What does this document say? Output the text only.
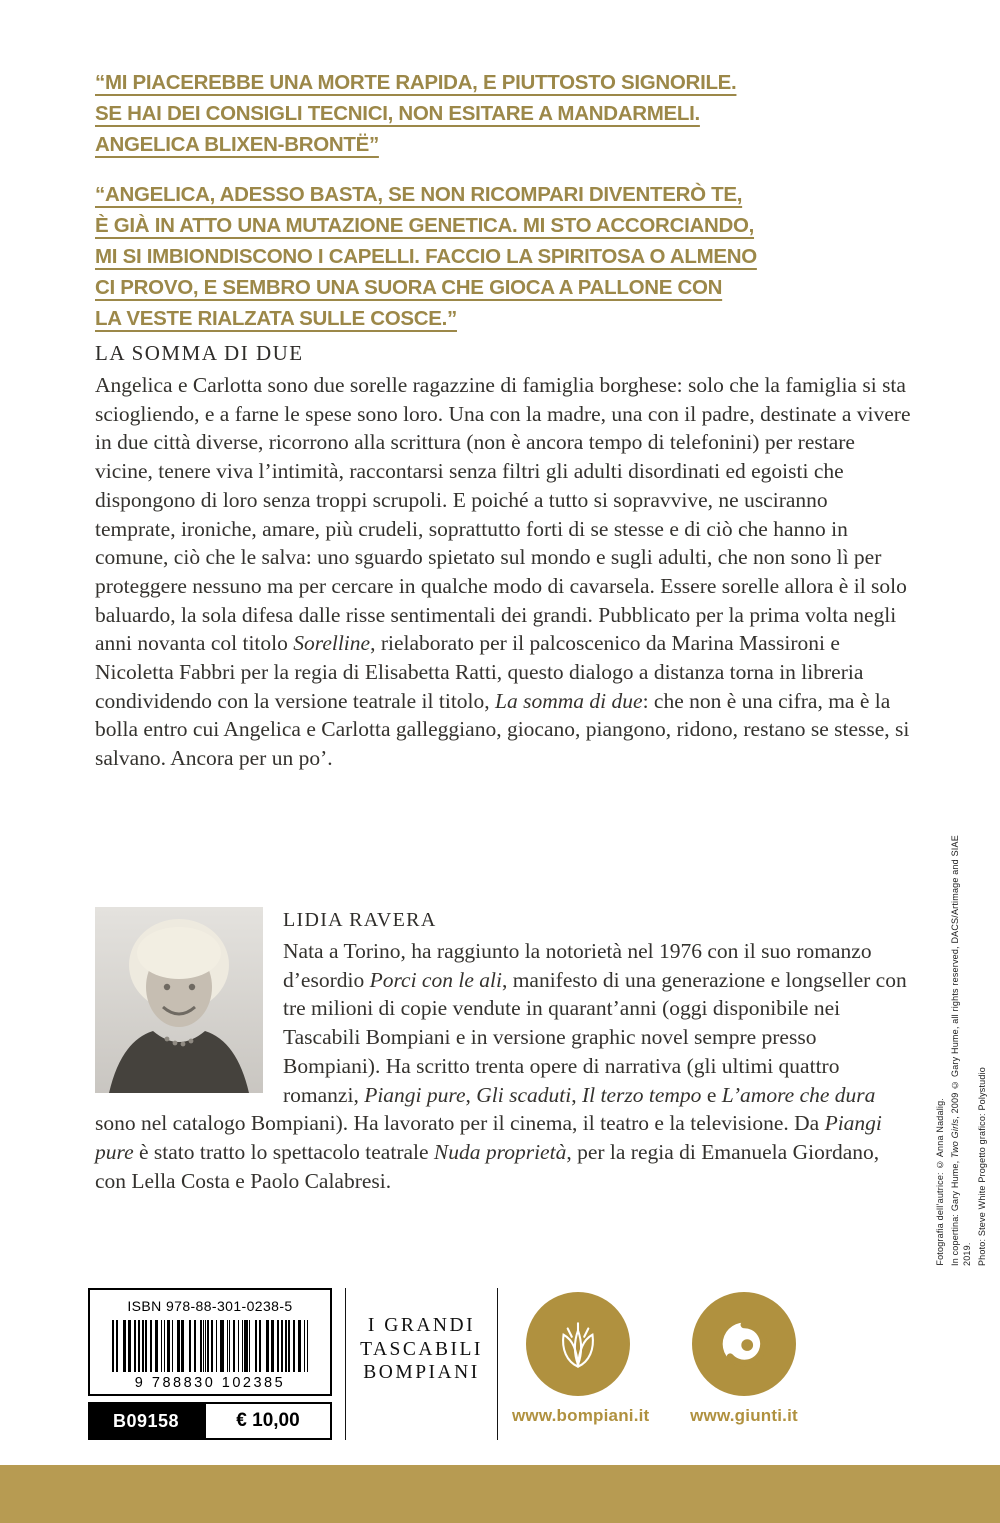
“MI PIACEREBBE UNA MORTE RAPIDA, E PIUTTOSTO SIGNORILE.
SE HAI DEI CONSIGLI TECNICI, NON ESITARE A MANDARMELI.
ANGELICA BLIXEN-BRONTË”
“ANGELICA, ADESSO BASTA, SE NON RICOMPARI DIVENTERÒ TE,
È GIÀ IN ATTO UNA MUTAZIONE GENETICA. MI STO ACCORCIANDO,
MI SI IMBIONDISCONO I CAPELLI. FACCIO LA SPIRITOSA O ALMENO
CI PROVO, E SEMBRO UNA SUORA CHE GIOCA A PALLONE CON
LA VESTE RIALZATA SULLE COSCE.”
LA SOMMA DI DUE
Angelica e Carlotta sono due sorelle ragazzine di famiglia borghese: solo che la famiglia si sta sciogliendo, e a farne le spese sono loro. Una con la madre, una con il padre, destinate a vivere in due città diverse, ricorrono alla scrittura (non è ancora tempo di telefonini) per restare vicine, tenere viva l’intimità, raccontarsi senza filtri gli adulti disordinati ed egoisti che dispongono di loro senza troppi scrupoli. E poiché a tutto si sopravvive, ne usciranno temprate, ironiche, amare, più crudeli, soprattutto forti di se stesse e di ciò che hanno in comune, ciò che le salva: uno sguardo spietato sul mondo e sugli adulti, che non sono lì per proteggere nessuno ma per cercare in qualche modo di cavarsela. Essere sorelle allora è il solo baluardo, la sola difesa dalle risse sentimentali dei grandi. Pubblicato per la prima volta negli anni novanta col titolo Sorelline, rielaborato per il palcoscenico da Marina Massironi e Nicoletta Fabbri per la regia di Elisabetta Ratti, questo dialogo a distanza torna in libreria condividendo con la versione teatrale il titolo, La somma di due: che non è una cifra, ma è la bolla entro cui Angelica e Carlotta galleggiano, giocano, piangono, ridono, restano se stesse, si salvano. Ancora per un po’.
LIDIA RAVERA
Nata a Torino, ha raggiunto la notorietà nel 1976 con il suo romanzo d’esordio Porci con le ali, manifesto di una generazione e longseller con tre milioni di copie vendute in quarant’anni (oggi disponibile nei Tascabili Bompiani e in versione graphic novel sempre presso Bompiani). Ha scritto trenta opere di narrativa (gli ultimi quattro romanzi, Piangi pure, Gli scaduti, Il terzo tempo e L’amore che dura sono nel catalogo Bompiani). Ha lavorato per il cinema, il teatro e la televisione. Da Piangi pure è stato tratto lo spettacolo teatrale Nuda proprietà, per la regia di Emanuela Giordano, con Lella Costa e Paolo Calabresi.	Fotografia dell’autrice: © Anna Nadalig. In copertina: Gary Hume, Two Girls, 2009 © Gary Hume, all rights reserved, DACS/Artimage and SIAE 2019. Photo: Steve White Progetto grafico: Polystudio
ISBN 978-88-301-0238-5
9 788830 102385
B09158	€ 10,00
I GRANDI
TASCABILI
BOMPIANI
www.bompiani.it	www.giunti.it
